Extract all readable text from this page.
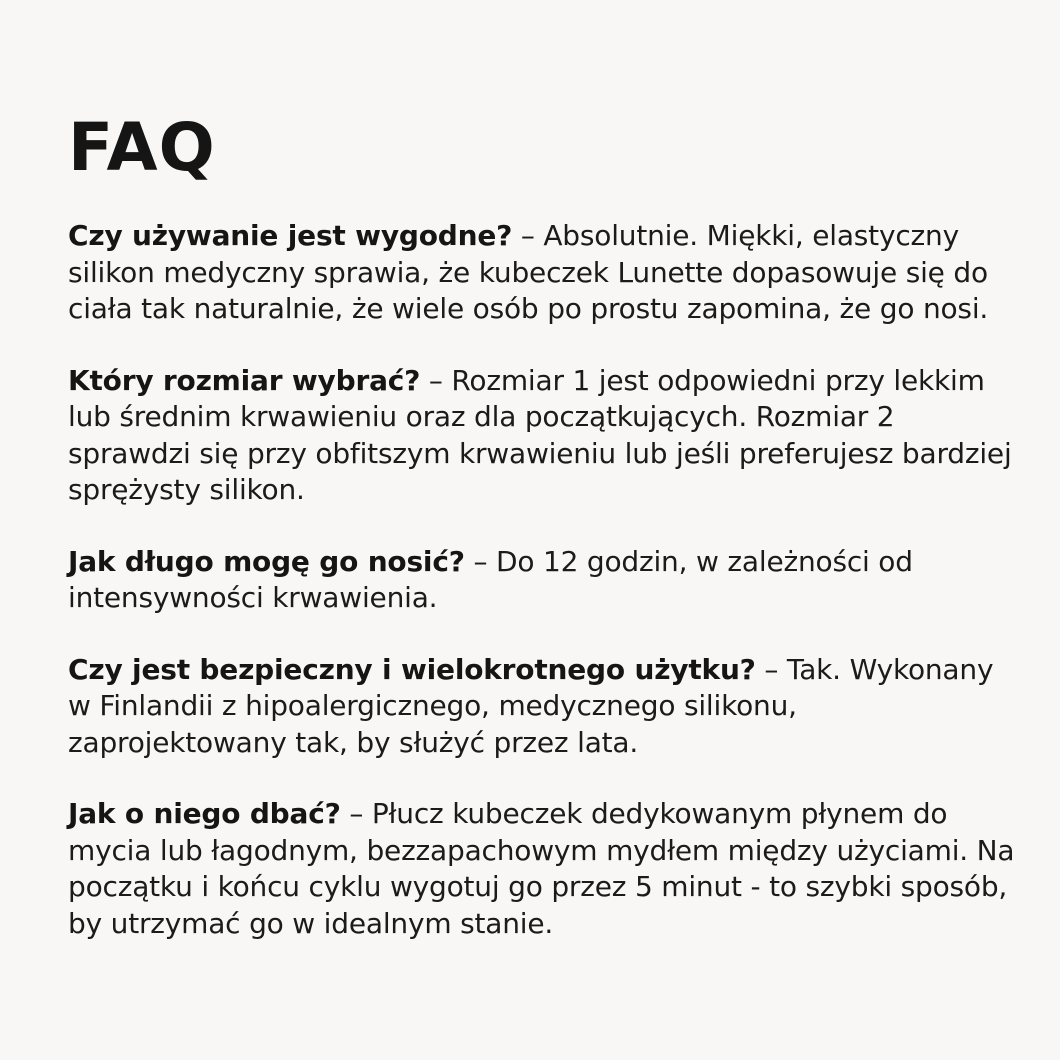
FAQ
Czy używanie jest wygodne? – Absolutnie. Miękki, elastyczny silikon medyczny sprawia, że kubeczek Lunette dopasowuje się do ciała tak naturalnie, że wiele osób po prostu zapomina, że go nosi.
Który rozmiar wybrać? – Rozmiar 1 jest odpowiedni przy lekkim lub średnim krwawieniu oraz dla początkujących. Rozmiar 2 sprawdzi się przy obfitszym krwawieniu lub jeśli preferujesz bardziej sprężysty silikon.
Jak długo mogę go nosić? – Do 12 godzin, w zależności od intensywności krwawienia.
Czy jest bezpieczny i wielokrotnego użytku? – Tak. Wykonany w Finlandii z hipoalergicznego, medycznego silikonu, zaprojektowany tak, by służyć przez lata.
Jak o niego dbać? – Płucz kubeczek dedykowanym płynem do mycia lub łagodnym, bezzapachowym mydłem między użyciami. Na początku i końcu cyklu wygotuj go przez 5 minut - to szybki sposób, by utrzymać go w idealnym stanie.
